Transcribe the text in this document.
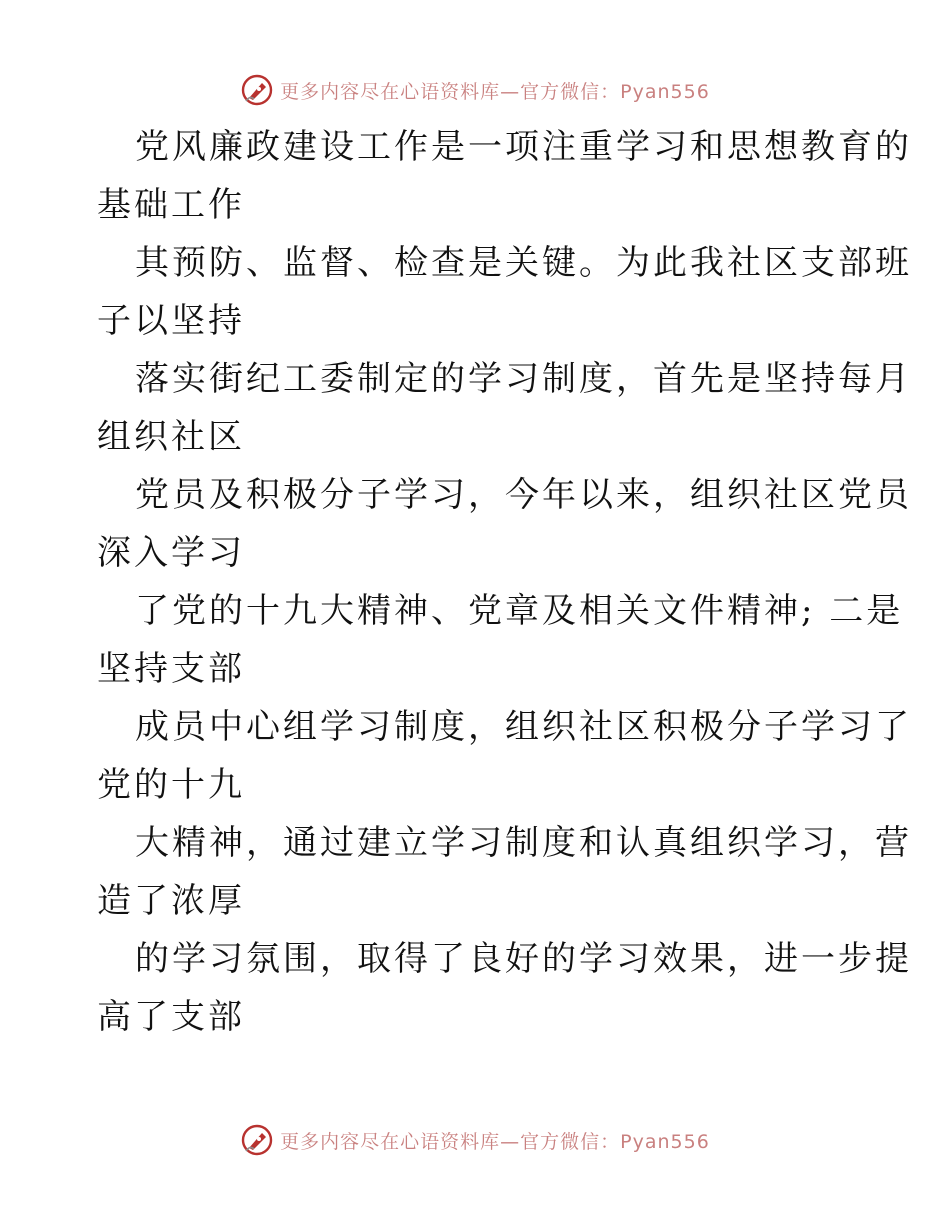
更多内容尽在心语资料库—官方微信：Pyan556
党风廉政建设工作是一项注重学习和思想教育的
基础工作
其预防、监督、检查是关键。为此我社区支部班
子以坚持
落实街纪工委制定的学习制度，首先是坚持每月
组织社区
党员及积极分子学习，今年以来，组织社区党员
深入学习
了党的十九大精神、党章及相关文件精神; 二是
坚持支部
成员中心组学习制度，组织社区积极分子学习了
党的十九
大精神，通过建立学习制度和认真组织学习，营
造了浓厚
的学习氛围，取得了良好的学习效果，进一步提
高了支部
更多内容尽在心语资料库—官方微信：Pyan556
